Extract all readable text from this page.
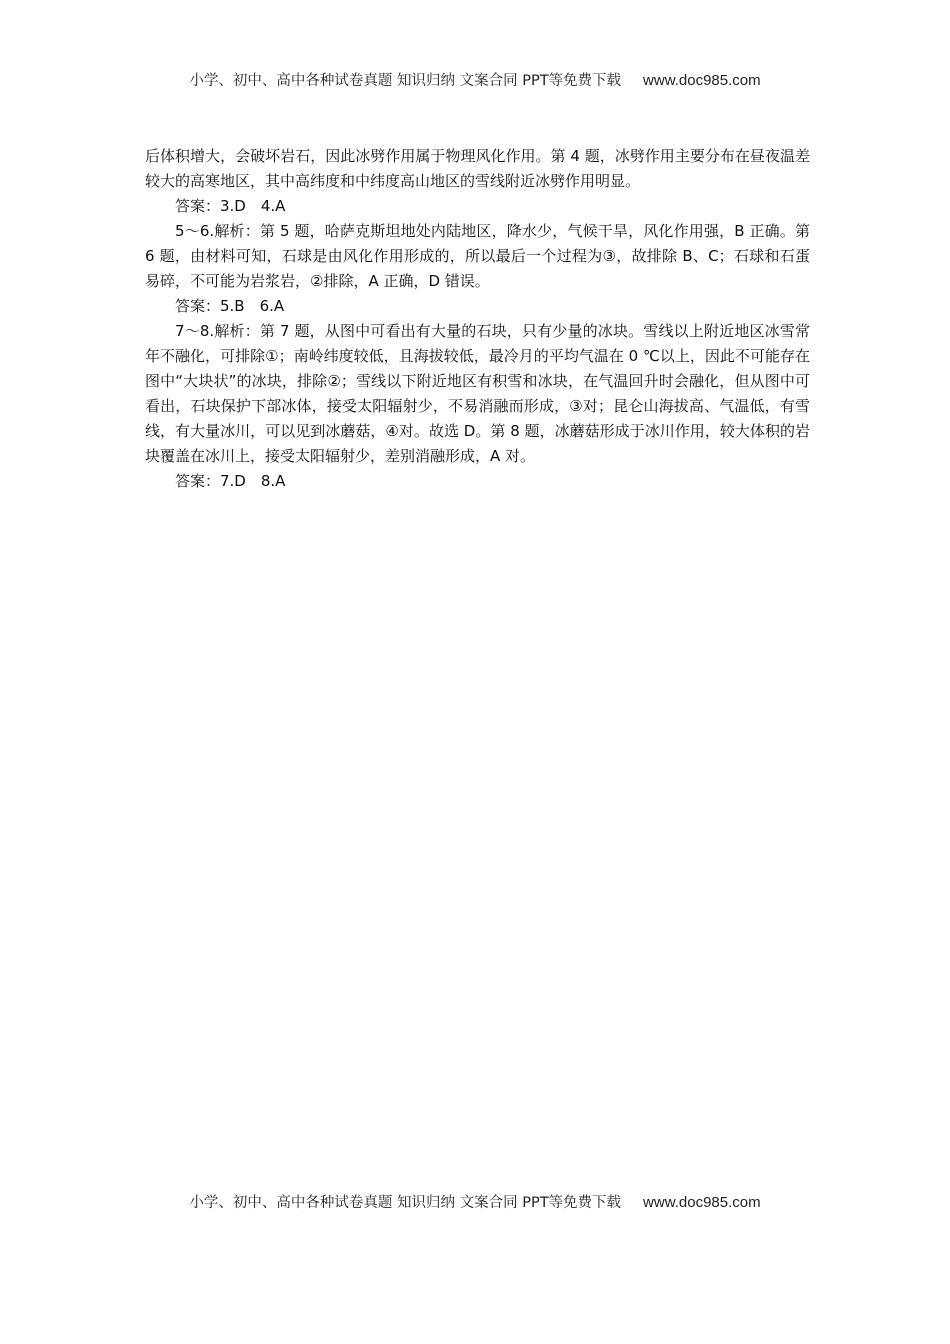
小学、初中、高中各种试卷真题 知识归纳 文案合同 PPT等免费下载 www.doc985.com

后体积增大，会破坏岩石，因此冰劈作用属于物理风化作用。第 4 题，冰劈作用主要分布在昼夜温差较大的高寒地区，其中高纬度和中纬度高山地区的雪线附近冰劈作用明显。

答案：3.D　4.A

5～6.解析：第 5 题，哈萨克斯坦地处内陆地区，降水少，气候干旱，风化作用强，B 正确。第 6 题，由材料可知，石球是由风化作用形成的，所以最后一个过程为③，故排除 B、C；石球和石蛋易碎，不可能为岩浆岩，②排除，A 正确，D 错误。

答案：5.B　6.A

7～8.解析：第 7 题，从图中可看出有大量的石块，只有少量的冰块。雪线以上附近地区冰雪常年不融化，可排除①；南岭纬度较低，且海拔较低，最冷月的平均气温在 0 ℃以上，因此不可能存在图中“大块状”的冰块，排除②；雪线以下附近地区有积雪和冰块，在气温回升时会融化，但从图中可看出，石块保护下部冰体，接受太阳辐射少，不易消融而形成，③对；昆仑山海拔高、气温低，有雪线，有大量冰川，可以见到冰蘑菇，④对。故选 D。第 8 题，冰蘑菇形成于冰川作用，较大体积的岩块覆盖在冰川上，接受太阳辐射少，差别消融形成，A 对。

答案：7.D　8.A

小学、初中、高中各种试卷真题 知识归纳 文案合同 PPT等免费下载 www.doc985.com
